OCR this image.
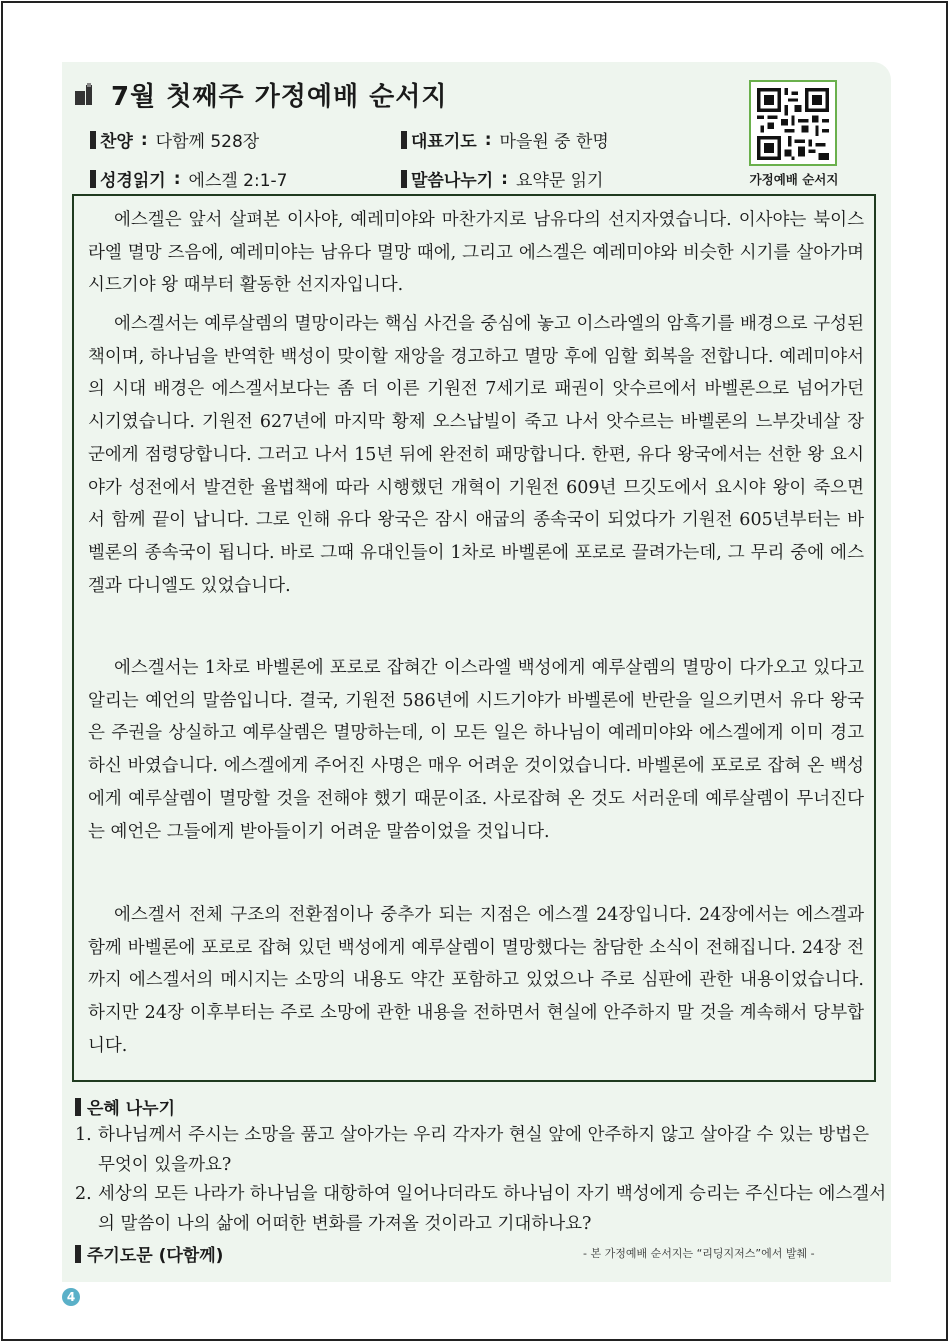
7월 첫째주 가정예배 순서지
찬양 : 다함께 528장	대표기도 : 마을원 중 한명
성경읽기 : 에스겔 2:1-7	말씀나누기 : 요약문 읽기	가정예배 순서지

에스겔은 앞서 살펴본 이사야, 예레미야와 마찬가지로 남유다의 선지자였습니다. 이사야는 북이스라엘 멸망 즈음에, 예레미야는 남유다 멸망 때에, 그리고 에스겔은 예레미야와 비슷한 시기를 살아가며 시드기야 왕 때부터 활동한 선지자입니다.

에스겔서는 예루살렘의 멸망이라는 핵심 사건을 중심에 놓고 이스라엘의 암흑기를 배경으로 구성된 책이며, 하나님을 반역한 백성이 맞이할 재앙을 경고하고 멸망 후에 임할 회복을 전합니다. 예레미야서의 시대 배경은 에스겔서보다는 좀 더 이른 기원전 7세기로 패권이 앗수르에서 바벨론으로 넘어가던 시기였습니다. 기원전 627년에 마지막 황제 오스납빌이 죽고 나서 앗수르는 바벨론의 느부갓네살 장군에게 점령당합니다. 그러고 나서 15년 뒤에 완전히 패망합니다. 한편, 유다 왕국에서는 선한 왕 요시야가 성전에서 발견한 율법책에 따라 시행했던 개혁이 기원전 609년 므깃도에서 요시야 왕이 죽으면서 함께 끝이 납니다. 그로 인해 유다 왕국은 잠시 애굽의 종속국이 되었다가 기원전 605년부터는 바벨론의 종속국이 됩니다. 바로 그때 유대인들이 1차로 바벨론에 포로로 끌려가는데, 그 무리 중에 에스겔과 다니엘도 있었습니다.

에스겔서는 1차로 바벨론에 포로로 잡혀간 이스라엘 백성에게 예루살렘의 멸망이 다가오고 있다고 알리는 예언의 말씀입니다. 결국, 기원전 586년에 시드기야가 바벨론에 반란을 일으키면서 유다 왕국은 주권을 상실하고 예루살렘은 멸망하는데, 이 모든 일은 하나님이 예레미야와 에스겔에게 이미 경고하신 바였습니다. 에스겔에게 주어진 사명은 매우 어려운 것이었습니다. 바벨론에 포로로 잡혀 온 백성에게 예루살렘이 멸망할 것을 전해야 했기 때문이죠. 사로잡혀 온 것도 서러운데 예루살렘이 무너진다는 예언은 그들에게 받아들이기 어려운 말씀이었을 것입니다.

에스겔서 전체 구조의 전환점이나 중추가 되는 지점은 에스겔 24장입니다. 24장에서는 에스겔과 함께 바벨론에 포로로 잡혀 있던 백성에게 예루살렘이 멸망했다는 참담한 소식이 전해집니다. 24장 전까지 에스겔서의 메시지는 소망의 내용도 약간 포함하고 있었으나 주로 심판에 관한 내용이었습니다. 하지만 24장 이후부터는 주로 소망에 관한 내용을 전하면서 현실에 안주하지 말 것을 계속해서 당부합니다.

은혜 나누기
1. 하나님께서 주시는 소망을 품고 살아가는 우리 각자가 현실 앞에 안주하지 않고 살아갈 수 있는 방법은 무엇이 있을까요?
2. 세상의 모든 나라가 하나님을 대항하여 일어나더라도 하나님이 자기 백성에게 승리는 주신다는 에스겔서의 말씀이 나의 삶에 어떠한 변화를 가져올 것이라고 기대하나요?
주기도문 (다함께)	- 본 가정예배 순서지는 “리딩지저스”에서 발췌 -
4
